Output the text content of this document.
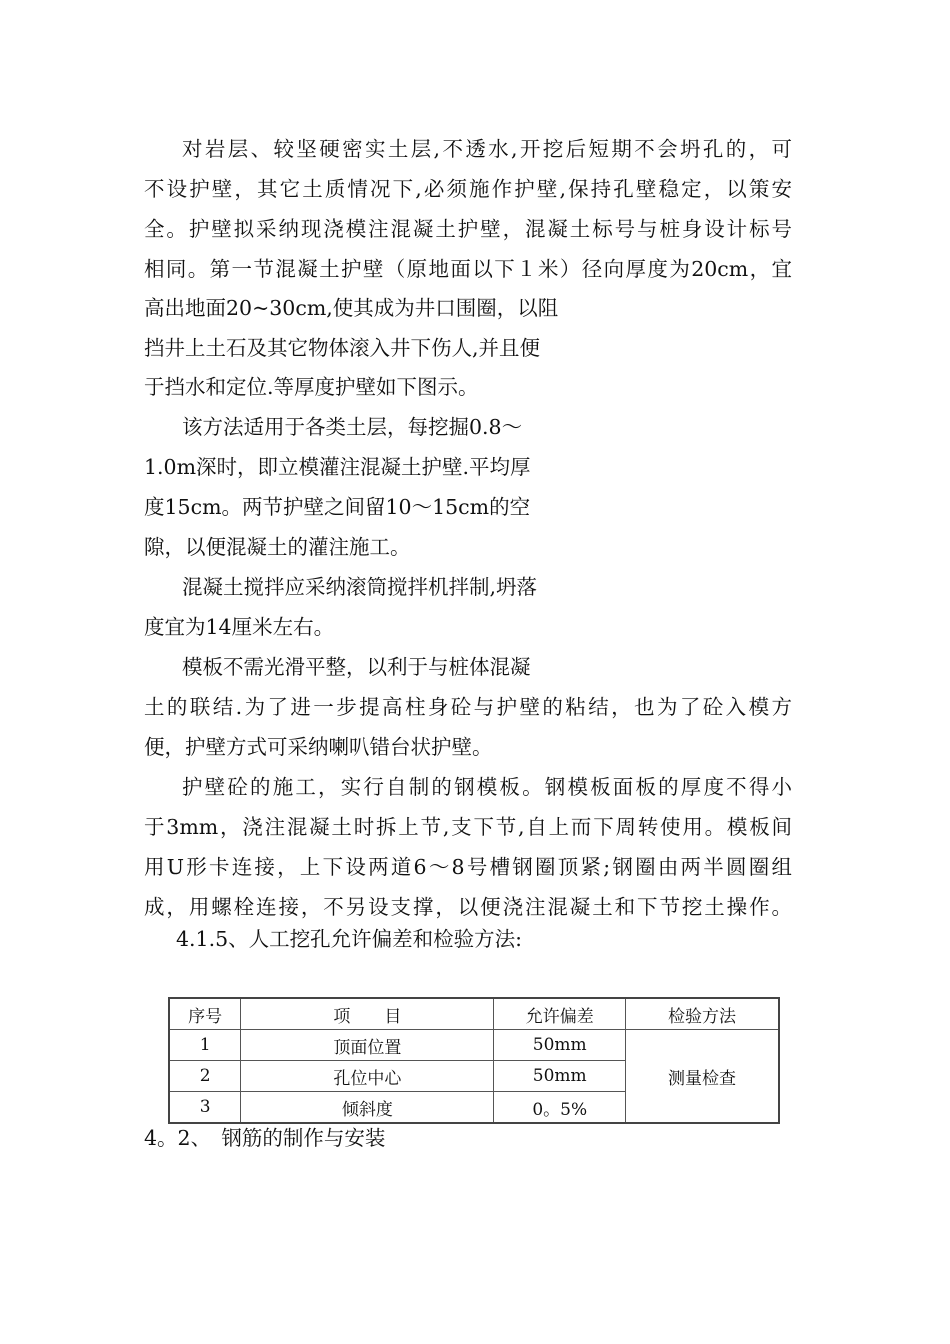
对岩层、较坚硬密实土层,不透水,开挖后短期不会坍孔的，可
不设护壁，其它土质情况下,必须施作护壁,保持孔壁稳定，以策安
全。护壁拟采纳现浇模注混凝土护壁，混凝土标号与桩身设计标号
相同。第一节混凝土护壁（原地面以下１米）径向厚度为20cm，宜
高出地面20~30cm,使其成为井口围圈，以阻
挡井上土石及其它物体滚入井下伤人,并且便
于挡水和定位.等厚度护壁如下图示。
该方法适用于各类土层，每挖掘0.8～
1.0m深时，即立模灌注混凝土护壁.平均厚
度15cm。两节护壁之间留10～15cm的空
隙，以便混凝土的灌注施工。
混凝土搅拌应采纳滚筒搅拌机拌制,坍落
度宜为14厘米左右。
模板不需光滑平整，以利于与桩体混凝
土的联结.为了进一步提高柱身砼与护壁的粘结，也为了砼入模方
便，护壁方式可采纳喇叭错台状护壁。
护壁砼的施工，实行自制的钢模板。钢模板面板的厚度不得小
于3mm，浇注混凝土时拆上节,支下节,自上而下周转使用。模板间
用U形卡连接，上下设两道6～8号槽钢圈顶紧;钢圈由两半圆圈组
成，用螺栓连接，不另设支撑，以便浇注混凝土和下节挖土操作。
4.1.5、人工挖孔允许偏差和检验方法:
序号	项　　目	允许偏差	检验方法
1	顶面位置	50mm	测量检查
2	孔位中心	50mm	
3	倾斜度	0。5%	
4。2、　钢筋的制作与安装
